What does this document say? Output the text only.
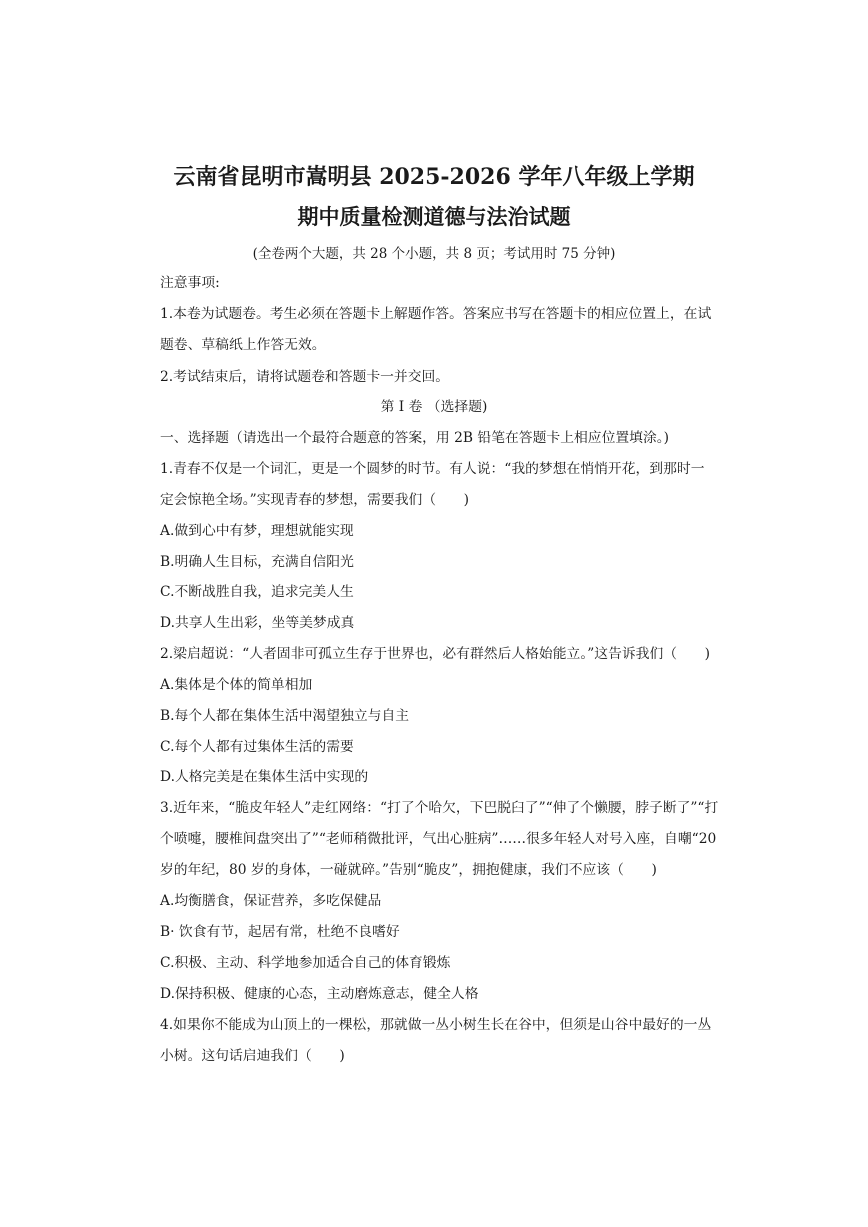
云南省昆明市嵩明县 2025-2026 学年八年级上学期
期中质量检测道德与法治试题
(全卷两个大题，共 28 个小题，共 8 页；考试用时 75 分钟)
注意事项:
1.本卷为试题卷。考生必须在答题卡上解题作答。答案应书写在答题卡的相应位置上，在试
题卷、草稿纸上作答无效。
2.考试结束后，请将试题卷和答题卡一并交回。
第 I 卷 （选择题)
一、选择题（请选出一个最符合题意的答案，用 2B 铅笔在答题卡上相应位置填涂。)
1.青春不仅是一个词汇，更是一个圆梦的时节。有人说：“我的梦想在悄悄开花，到那时一
定会惊艳全场。”实现青春的梦想，需要我们（　　)
A.做到心中有梦，理想就能实现
B.明确人生目标，充满自信阳光
C.不断战胜自我，追求完美人生
D.共享人生出彩，坐等美梦成真
2.梁启超说：“人者固非可孤立生存于世界也，必有群然后人格始能立。”这告诉我们（　　)
A.集体是个体的简单相加
B.每个人都在集体生活中渴望独立与自主
C.每个人都有过集体生活的需要
D.人格完美是在集体生活中实现的
3.近年来，“脆皮年轻人”走红网络：“打了个哈欠，下巴脱臼了”“伸了个懒腰，脖子断了”“打
个喷嚏，腰椎间盘突出了”“老师稍微批评，气出心脏病”……很多年轻人对号入座，自嘲“20
岁的年纪，80 岁的身体，一碰就碎。”告别“脆皮”，拥抱健康，我们不应该（　　)
A.均衡膳食，保证营养，多吃保健品
B· 饮食有节，起居有常，杜绝不良嗜好
C.积极、主动、科学地参加适合自己的体育锻炼
D.保持积极、健康的心态，主动磨炼意志，健全人格
4.如果你不能成为山顶上的一棵松，那就做一丛小树生长在谷中，但须是山谷中最好的一丛
小树。这句话启迪我们（　　)
